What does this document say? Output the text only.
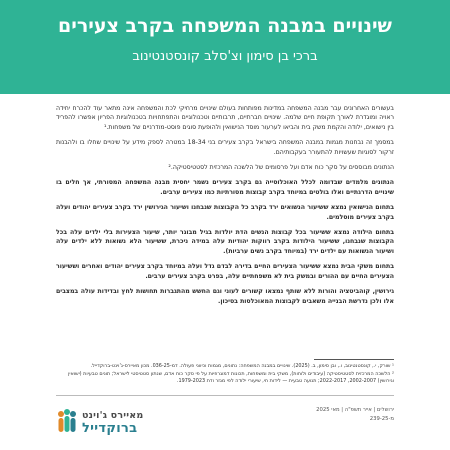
שינויים במבנה המשפחה בקרב צעירים
ברכי בן סימון וצ'סלב קונסטנטינוב

בעשורים האחרונים עבר מבנה המשפחה במדינות מפותחות בעולם שינויים מרחיקי לכת והמשפחה אינה מתאר עוד להכרח יחידה ראויה ומוגדרת לאורך תקופת חיים שלמה. שינויים חברתיים, תרבותיים וטכנולוגיים והתפתחויות בטכנולוגיות הפריון אפשרו להפריד בין נישואים, ילודה והקמת משק בית והביאו לערעור מוסד הנישואין ולהופעת סוגים פוסט-מודרניים של משפחות.¹

במסמך זה נבחנות מגמות במבנה המשפחה בישראל בקרב צעירים בני 18-34 במטרה לספק מידע על שינויים שחלו בו ולהבנות זרקור לסוגיות שעשויות להתעורר בעקבותיהם.

הנתונים מבוססים על סקר כוח אדם ועל פרסומים של הלשכה המרכזית לסטטיסטיקה.²

הנתונים מלמדים שבדומה לכלל האוכלוסייה גם בקרב צעירים נשמר יחסית מבנה המשפחה המסורתי, אך חלים בו שינויים הדרגתיים ואלו בולטים במיוחד בקרב קבוצות מסורתיות כמו צעירים ערבים.

בתחום הנישואין נמצא ששיעור הנשואים ירד בקרב כל הקבוצות שנבחנו ושיעור הגירושין ירד בקרב צעירים יהודים ועלה בקרב צעירים מוסלמים.

בתחום הילודה נמצא ששיעור בכל קבוצות הנשים הדת יולדות בגיל מבוגר יותר, שיעור הצעירות בלי ילדים עלה בכל הקבוצות שנבחנו, ששיעור הילודות בקרב רווקות יהודיות עלה במידה ניכרת, ששיעור הלא נשואות ללא ילדים עלה ושיעור הנשואות עם ילדים ירד (במיוחד בקרב נשים ערביות).

בתחום משקי הבית נמצא ששיעור הצעירים החיים בדירה לבדם גדל ועלה במיוחד בקרב צעירים יהודים ואחרים וששיעור הצעירים החיים עם ההורים ובמשק בית לא משפחתיים עלה, בפרט בקרב צעירים ערבים.

גירושין, קוהביטציה והורות ללא שותף נמצאו קשורים לעוני וגם החשש מהתגברות תחושות לחץ ובדידות עולה במצבים אלו ולכן נדרשת הבנייה משאבים לקבוצות המאוכלסות בסיכון.

¹ שורק, י., קונסטנטינוב, ו., ובן סימון, ב. (2025). שינויים במבנה המשפחה: נתונים, מגמות וכיווני פעולה. דמ-036-25. מכון מאיירס-ג'וינט-ברוקדייל.

² הלשכה המרכזית לסטטיסטיקה (עיבודים ולוחות), משקי בית ומשפחות, תכונות דמוגרפיות על פי סקר כוח אדם, שנתון סטטיסטי לישראל; תונים טבעיות (ישואין וגירושין) 2002-2007, 2022-2017; תנועה טבעית — לידות חי, שיעורי ילודה לפי מגזר ודת 1979-2023.

ירושלים | אייר תשפ"ה | מאי 2025
מ-239-25
מאיירס ג'וינט
ברוקדייל
